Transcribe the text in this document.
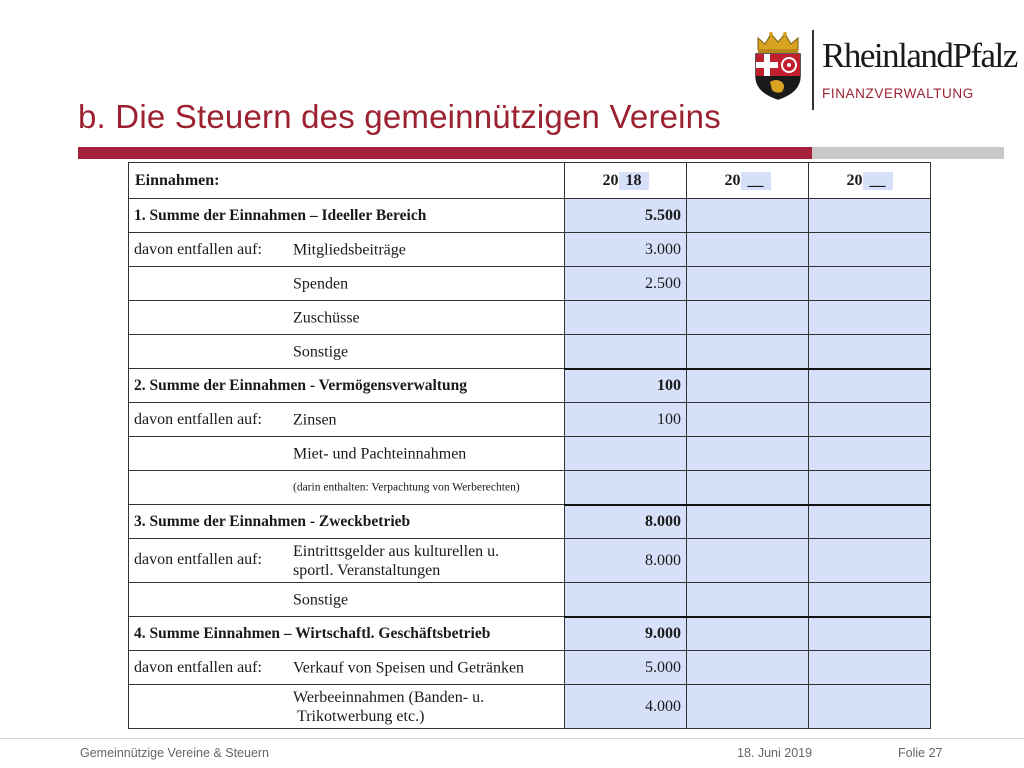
b. Die Steuern des gemeinnützigen Vereins
RheinlandPfalz
FINANZVERWALTUNG
Einnahmen:	20 18	20 __	20 __

1. Summe der Einnahmen – Ideeller Bereich	5.500		

davon entfallen auf: Mitgliedsbeiträge	3.000		

Spenden	2.500		

Zuschüsse			

Sonstige			

2. Summe der Einnahmen - Vermögensverwaltung	100		

davon entfallen auf: Zinsen	100		

Miet- und Pachteinnahmen			

(darin enthalten: Verpachtung von Werberechten)			

3. Summe der Einnahmen - Zweckbetrieb	8.000		

davon entfallen auf: Eintrittsgelder aus kulturellen u.
sportl. Veranstaltungen	8.000		

Sonstige			

4. Summe Einnahmen – Wirtschaftl. Geschäftsbetrieb	9.000		

davon entfallen auf: Verkauf von Speisen und Getränken	5.000		

Werbeeinnahmen (Banden- u.
Trikotwerbung etc.)	4.000		
Gemeinnützige Vereine & Steuern	18. Juni 2019	Folie 27
